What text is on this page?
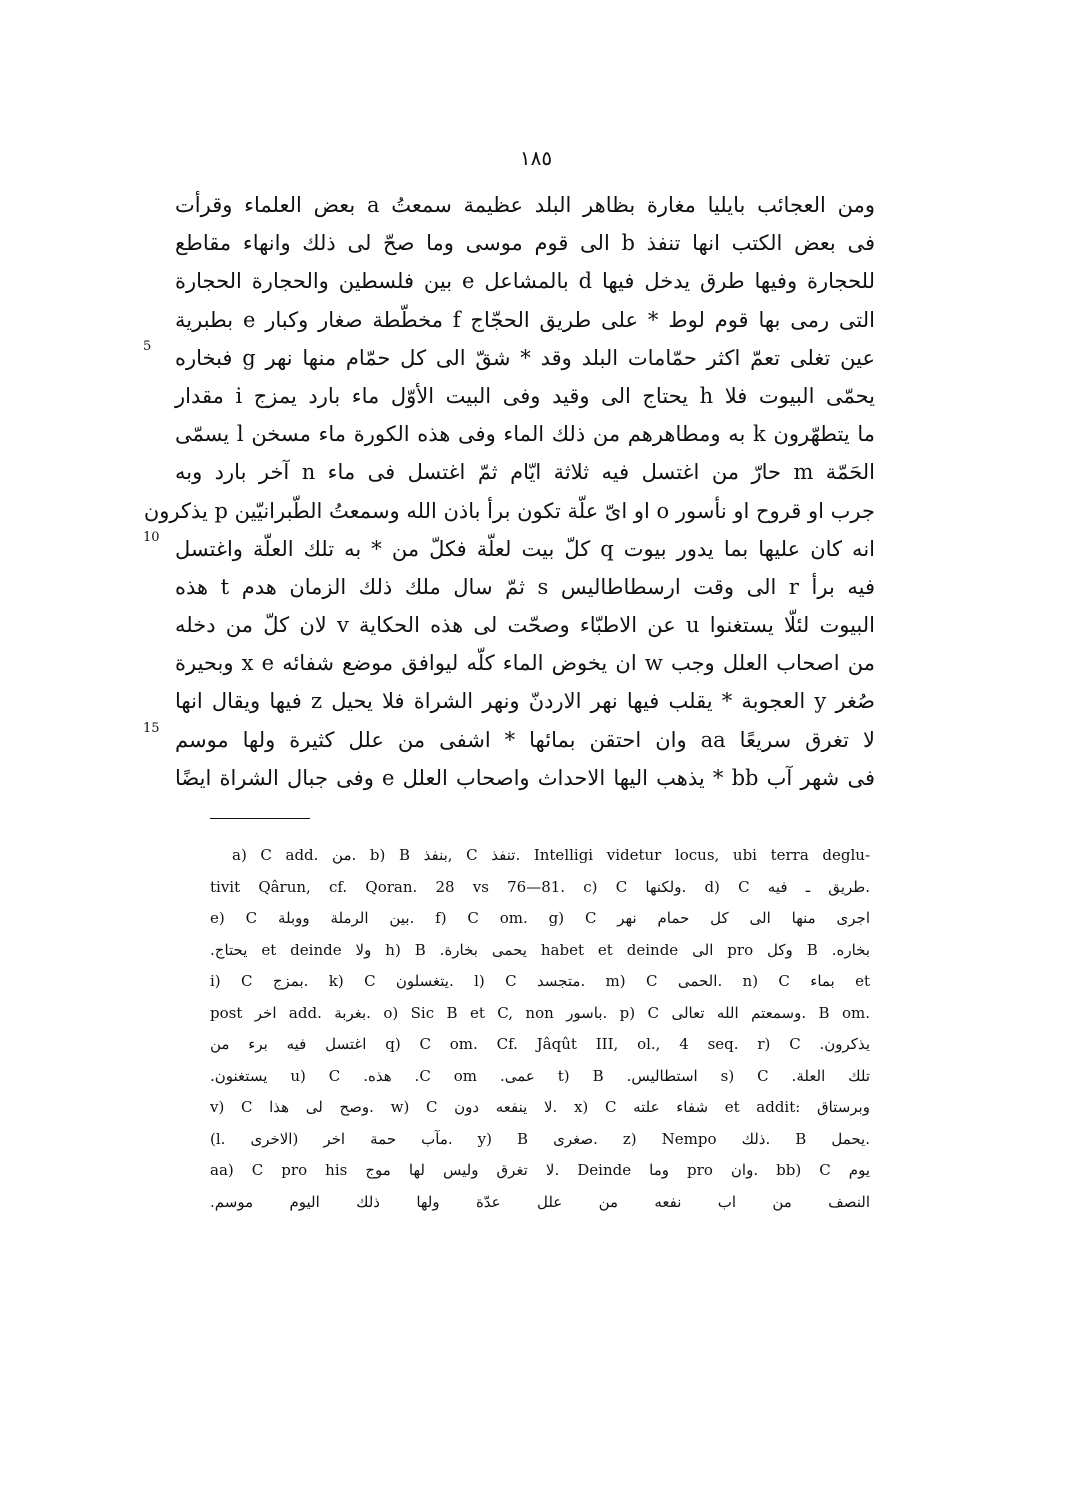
١٨٥
ومن العجائب بايليا مغارة بظاهر البلد عظيمة سمعتُ a بعض العلماء وقرأت
فى بعض الكتب انها تنفذ b الى قوم موسى وما صحّ لى ذلك وانهاء مقاطع
للحجارة وفيها طرق يدخل فيها d بالمشاعل e بين فلسطين والحجارة الحجارة
التى رمى بها قوم لوط * على طريق الحجّاج f مخطّطة صغار وكبار e بطبرية
عين تغلى تعمّ اكثر حمّامات البلد وقد * شقّ الى كل حمّام منها نهر g فبخاره
5
يحمّى البيوت فلا h يحتاج الى وقيد وفى البيت الأوّل ماء بارد يمزج i مقدار
ما يتطهّرون k به ومطاهرهم من ذلك الماء وفى هذه الكورة ماء مسخن l يسمّى
الحَمّة m حارّ من اغتسل فيه ثلاثة ايّام ثمّ اغتسل فى ماء n آخر بارد وبه
جرب او قروح او نأسور o او اىّ علّة تكون برأ باذن الله وسمعتُ الطّبرانيّين p يذكرون
انه كان عليها بما يدور بيوت q كلّ بيت لعلّة فكلّ من * به تلك العلّة واغتسل
10
فيه برأ r الى وقت ارسطاطاليس s ثمّ سال ملك ذلك الزمان هدم t هذه
البيوت لئلّا يستغنوا u عن الاطبّاء وصحّت لى هذه الحكاية v لان كلّ من دخله
من اصحاب العلل وجب w ان يخوض الماء كلّه ليوافق موضع شفائه x e وبحيرة
صُغر y العجوبة * يقلب فيها نهر الاردنّ ونهر الشراة فلا يحيل z فيها ويقال انها
لا تغرق سريعًا aa وان احتقن بمائها * اشفى من علل كثيرة ولها موسم
15
فى شهر آب bb * يذهب اليها الاحداث واصحاب العلل e وفى جبال الشراة ايضًا
a) C add. من. b) B بنفذ, C تنفذ. Intelligi videtur locus, ubi terra deglu-
tivit Qârun, cf. Qoran. 28 vs 76—81. c) C ولكنها. d) C طريق ـ فيه.
e) C بين الرملة ووبلة. f) C om. g) C اجرى منها الى كل حمام نهر
بخاره. B وكل pro الى habet et deinde يحمى بخارة. h) B ولا et deinde يحتاج.
i) C بمزج. k) C يتغسلون. l) C متجسد. m) C الحمى. n) C بماء et
post اخر add. بغربة. o) Sic B et C, non باسور. p) C وسمعتم الله تعالى. B om.
يذكرون. q) C om. Cf. Jâqût III, ol., 4 seq. r) C اغتسل فيه برء من
تلك العلة. s) C استطاليس. t) B عمى. C om. هذه. u) C يستغنون.
v) C وصح لى هذا. w) C لا ينفعه دون. x) C شفاء علته et addit: وبرستاق
(l. الاخرى) مآب حمة اخر. y) B صغرى. z) Nempo ذلك. B يحمل.
aa) C pro his لا تغرق وليس لها موج. Deinde وما pro وان. bb) C يوم
النصف من اب نفعه من علل عدّة ولها ذلك اليوم موسم.
